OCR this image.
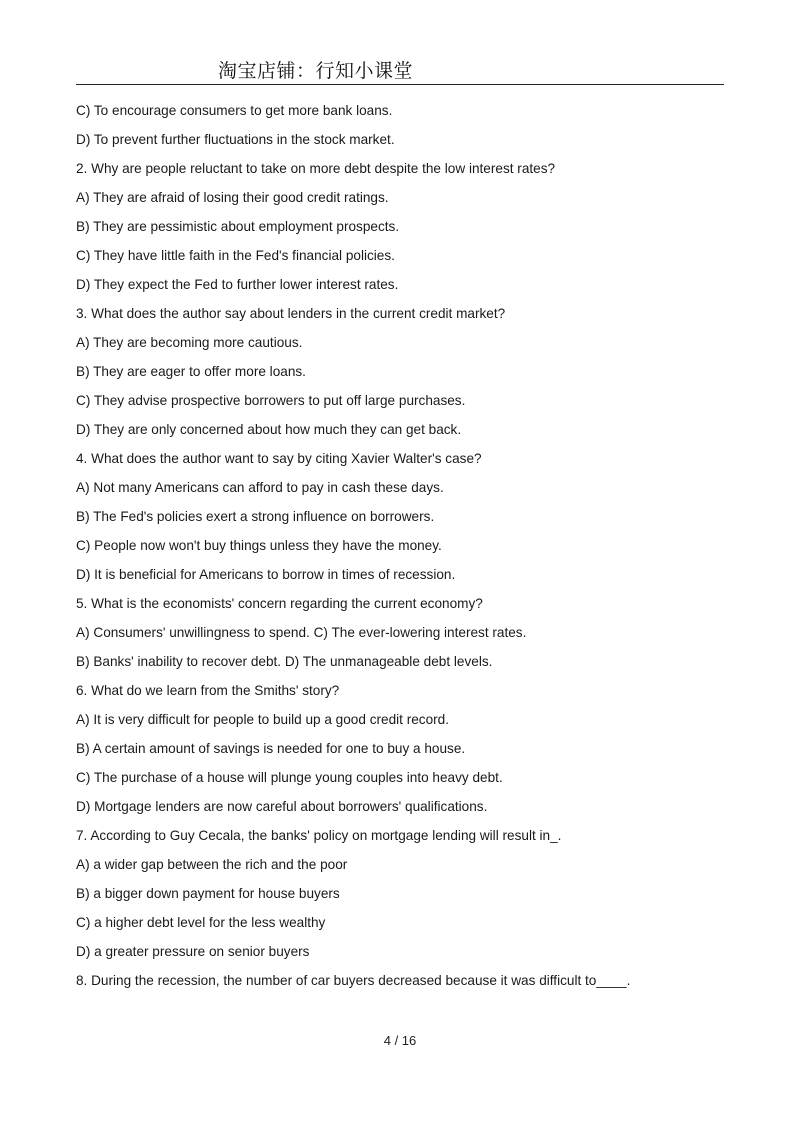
淘宝店铺：行知小课堂
C) To encourage consumers to get more bank loans.
D) To prevent further fluctuations in the stock market.
2. Why are people reluctant to take on more debt despite the low interest rates?
A) They are afraid of losing their good credit ratings.
B) They are pessimistic about employment prospects.
C) They have little faith in the Fed's financial policies.
D) They expect the Fed to further lower interest rates.
3. What does the author say about lenders in the current credit market?
A) They are becoming more cautious.
B) They are eager to offer more loans.
C) They advise prospective borrowers to put off large purchases.
D) They are only concerned about how much they can get back.
4. What does the author want to say by citing Xavier Walter's case?
A) Not many Americans can afford to pay in cash these days.
B) The Fed's policies exert a strong influence on borrowers.
C) People now won't buy things unless they have the money.
D) It is beneficial for Americans to borrow in times of recession.
5. What is the economists' concern regarding the current economy?
A) Consumers' unwillingness to spend. C) The ever-lowering interest rates.
B) Banks' inability to recover debt. D) The unmanageable debt levels.
6. What do we learn from the Smiths' story?
A) It is very difficult for people to build up a good credit record.
B) A certain amount of savings is needed for one to buy a house.
C) The purchase of a house will plunge young couples into heavy debt.
D) Mortgage lenders are now careful about borrowers' qualifications.
7. According to Guy Cecala, the banks' policy on mortgage lending will result in_.
A) a wider gap between the rich and the poor
B) a bigger down payment for house buyers
C) a higher debt level for the less wealthy
D) a greater pressure on senior buyers
8. During the recession, the number of car buyers decreased because it was difficult to____.
4 / 16
